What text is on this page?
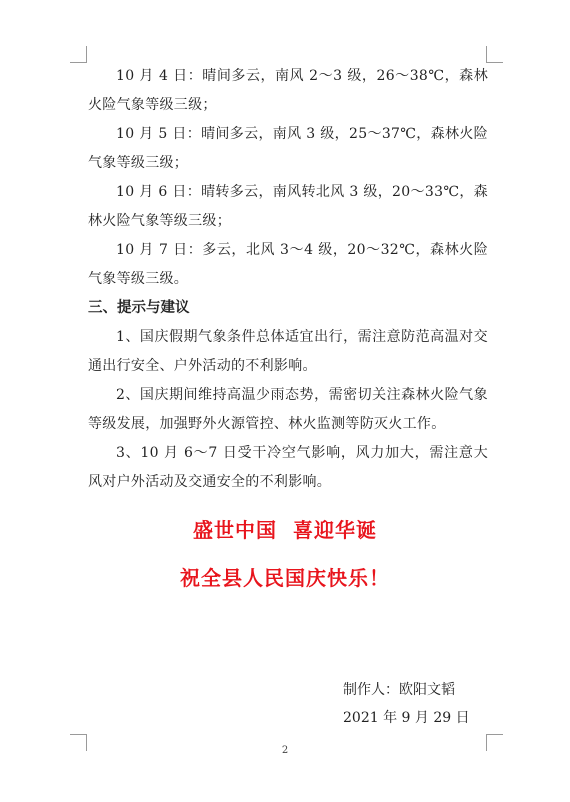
10 月 4 日：晴间多云，南风 2～3 级，26～38℃，森林火险气象等级三级；

10 月 5 日：晴间多云，南风 3 级，25～37℃，森林火险气象等级三级；

10 月 6 日：晴转多云，南风转北风 3 级，20～33℃，森林火险气象等级三级；

10 月 7 日：多云，北风 3～4 级，20～32℃，森林火险气象等级三级。

三、提示与建议

1、国庆假期气象条件总体适宜出行，需注意防范高温对交通出行安全、户外活动的不利影响。

2、国庆期间维持高温少雨态势，需密切关注森林火险气象等级发展，加强野外火源管控、林火监测等防灭火工作。

3、10 月 6～7 日受干冷空气影响，风力加大，需注意大风对户外活动及交通安全的不利影响。

盛世中国  喜迎华诞
祝全县人民国庆快乐！
制作人：欧阳文韬
2021 年 9 月 29 日
2
